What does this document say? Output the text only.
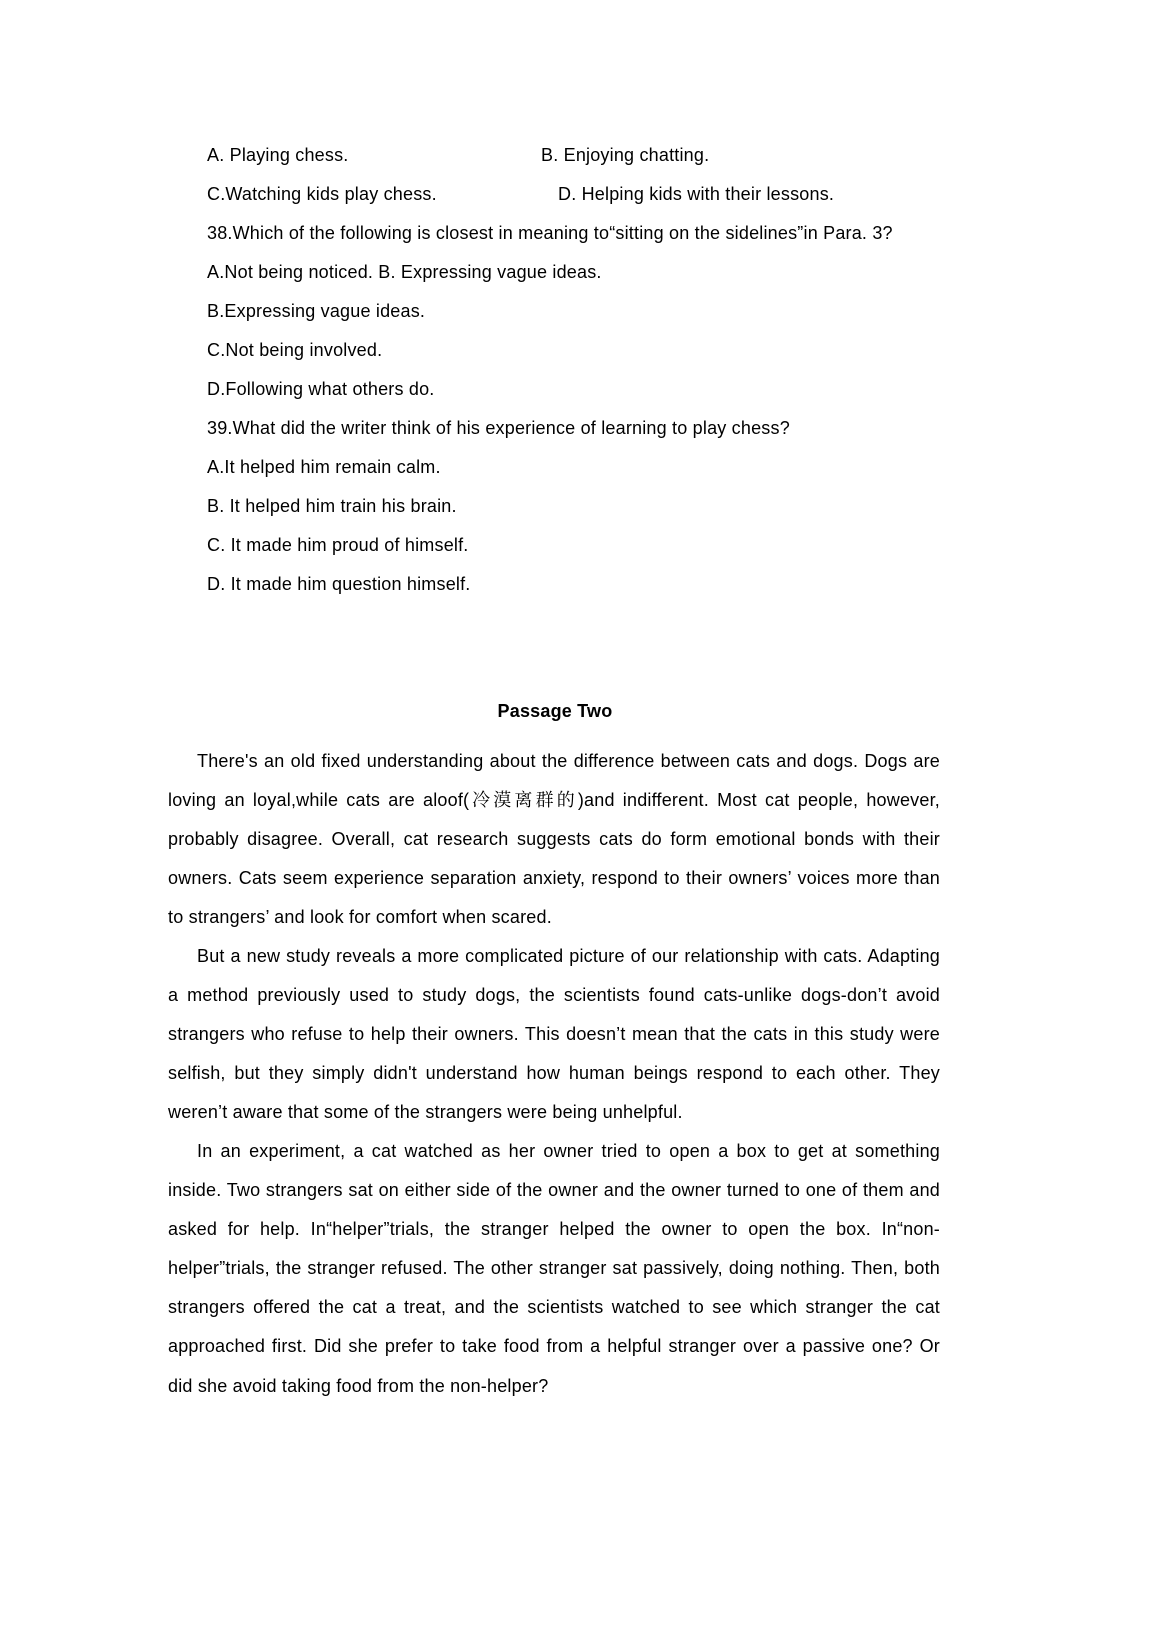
A. Playing chess.	B. Enjoying chatting.
C.Watching kids play chess.	D. Helping kids with their lessons.
38.Which of the following is closest in meaning to“sitting on the sidelines”in Para. 3?
A.Not being noticed. B. Expressing vague ideas.
B.Expressing vague ideas.
C.Not being involved.
D.Following what others do.
39.What did the writer think of his experience of learning to play chess?
A.It helped him remain calm.
B. It helped him train his brain.
C. It made him proud of himself.
D. It made him question himself.
Passage Two
There's an old fixed understanding about the difference between cats and dogs. Dogs are loving an loyal,while cats are aloof(冷漠离群的)and indifferent. Most cat people, however, probably disagree. Overall, cat research suggests cats do form emotional bonds with their owners. Cats seem experience separation anxiety, respond to their owners’ voices more than to strangers’ and look for comfort when scared.
But a new study reveals a more complicated picture of our relationship with cats. Adapting a method previously used to study dogs, the scientists found cats-unlike dogs-don’t avoid strangers who refuse to help their owners. This doesn’t mean that the cats in this study were selfish, but they simply didn't understand how human beings respond to each other. They weren’t aware that some of the strangers were being unhelpful.
In an experiment, a cat watched as her owner tried to open a box to get at something inside. Two strangers sat on either side of the owner and the owner turned to one of them and asked for help. In“helper”trials, the stranger helped the owner to open the box. In“non-helper”trials, the stranger refused. The other stranger sat passively, doing nothing. Then, both strangers offered the cat a treat, and the scientists watched to see which stranger the cat approached first. Did she prefer to take food from a helpful stranger over a passive one? Or did she avoid taking food from the non-helper?
